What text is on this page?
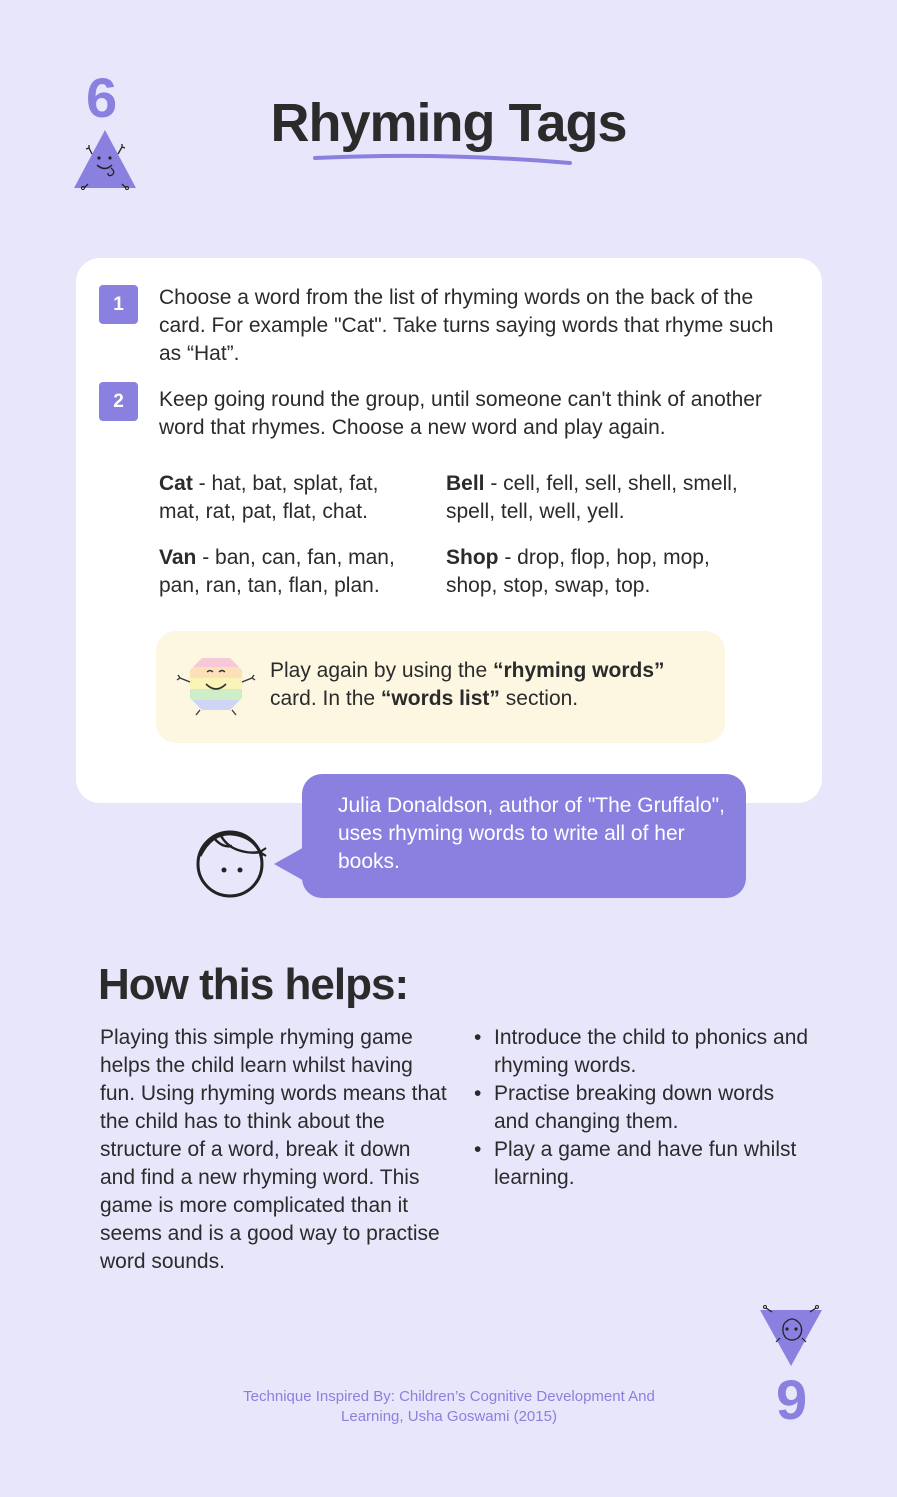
6	Rhyming Tags
1	Choose a word from the list of rhyming words on the back of the card. For example "Cat". Take turns saying words that rhyme such as “Hat”.
2	Keep going round the group, until someone can't think of another word that rhymes. Choose a new word and play again.
Cat - hat, bat, splat, fat, mat, rat, pat, flat, chat.
Bell - cell, fell, sell, shell, smell, spell, tell, well, yell.
Van - ban, can, fan, man, pan, ran, tan, flan, plan.
Shop - drop, flop, hop, mop, shop, stop, swap, top.
Play again by using the “rhyming words” card. In the “words list” section.
Julia Donaldson, author of "The Gruffalo", uses rhyming words to write all of her books.
How this helps:
Playing this simple rhyming game helps the child learn whilst having fun. Using rhyming words means that the child has to think about the structure of a word, break it down and find a new rhyming word. This game is more complicated than it seems and is a good way to practise word sounds.
• Introduce the child to phonics and rhyming words.
• Practise breaking down words and changing them.
• Play a game and have fun whilst learning.
9
Technique Inspired By: Children’s Cognitive Development And Learning, Usha Goswami (2015)
